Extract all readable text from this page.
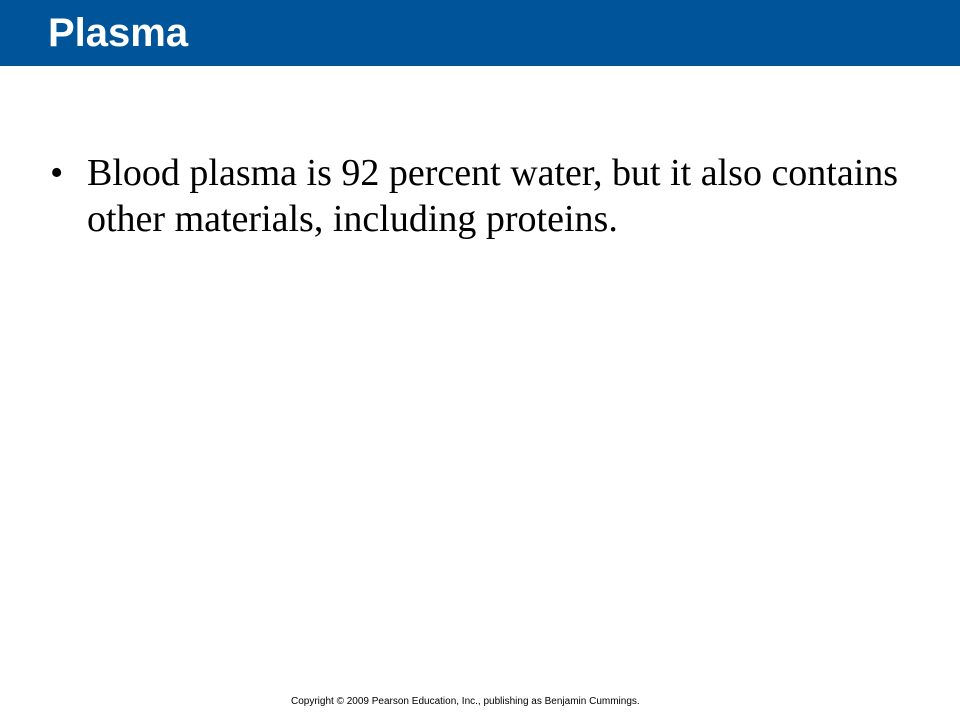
Plasma
• Blood plasma is 92 percent water, but it also contains other materials, including proteins.
Copyright © 2009 Pearson Education, Inc., publishing as Benjamin Cummings.
